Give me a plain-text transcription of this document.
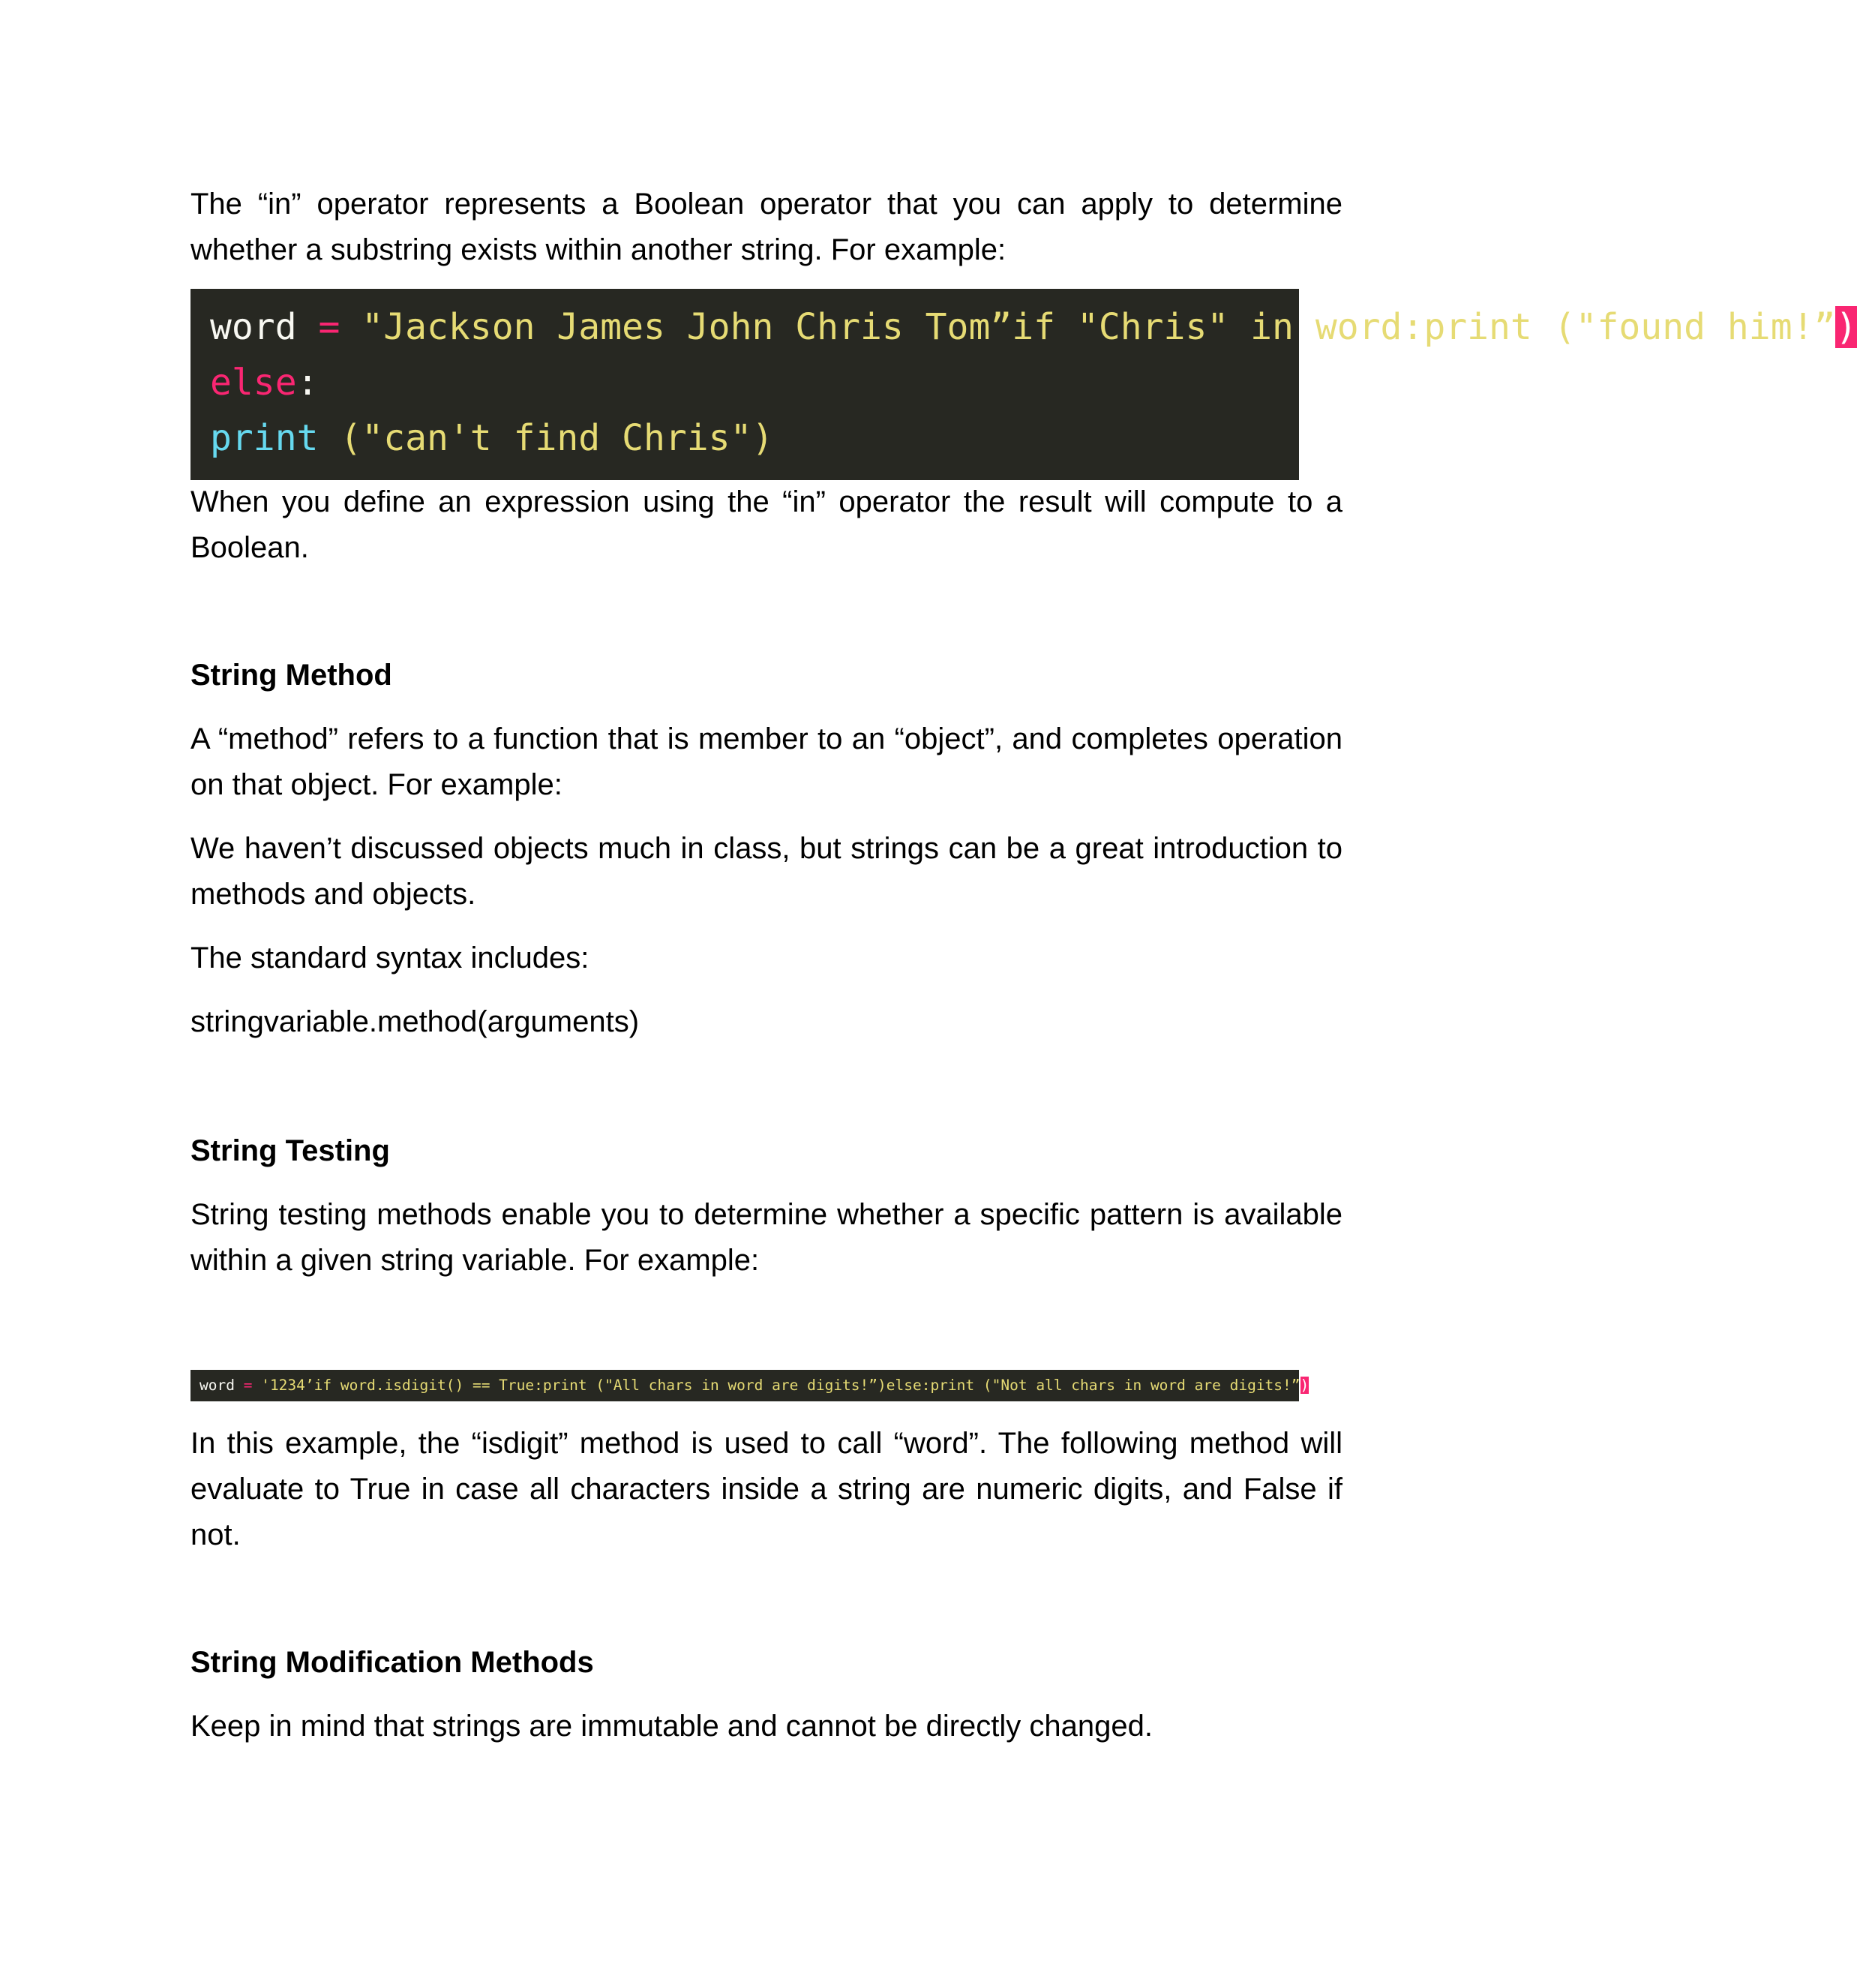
The “in” operator represents a Boolean operator that you can apply to determine whether a substring exists within another string. For example:

word = "Jackson James John Chris Tom”if "Chris" in word:print ("found him!”)
else:
print ("can't find Chris")

When you define an expression using the “in” operator the result will compute to a Boolean.

String Method

A “method” refers to a function that is member to an “object”, and completes operation on that object. For example:

We haven’t discussed objects much in class, but strings can be a great introduction to methods and objects.

The standard syntax includes:

stringvariable.method(arguments)

String Testing

String testing methods enable you to determine whether a specific pattern is available within a given string variable. For example:

word = '1234’if word.isdigit() == True:print ("All chars in word are digits!”)else:print ("Not all chars in word are digits!”)

In this example, the “isdigit” method is used to call “word”. The following method will evaluate to True in case all characters inside a string are numeric digits, and False if not.

String Modification Methods

Keep in mind that strings are immutable and cannot be directly changed.
